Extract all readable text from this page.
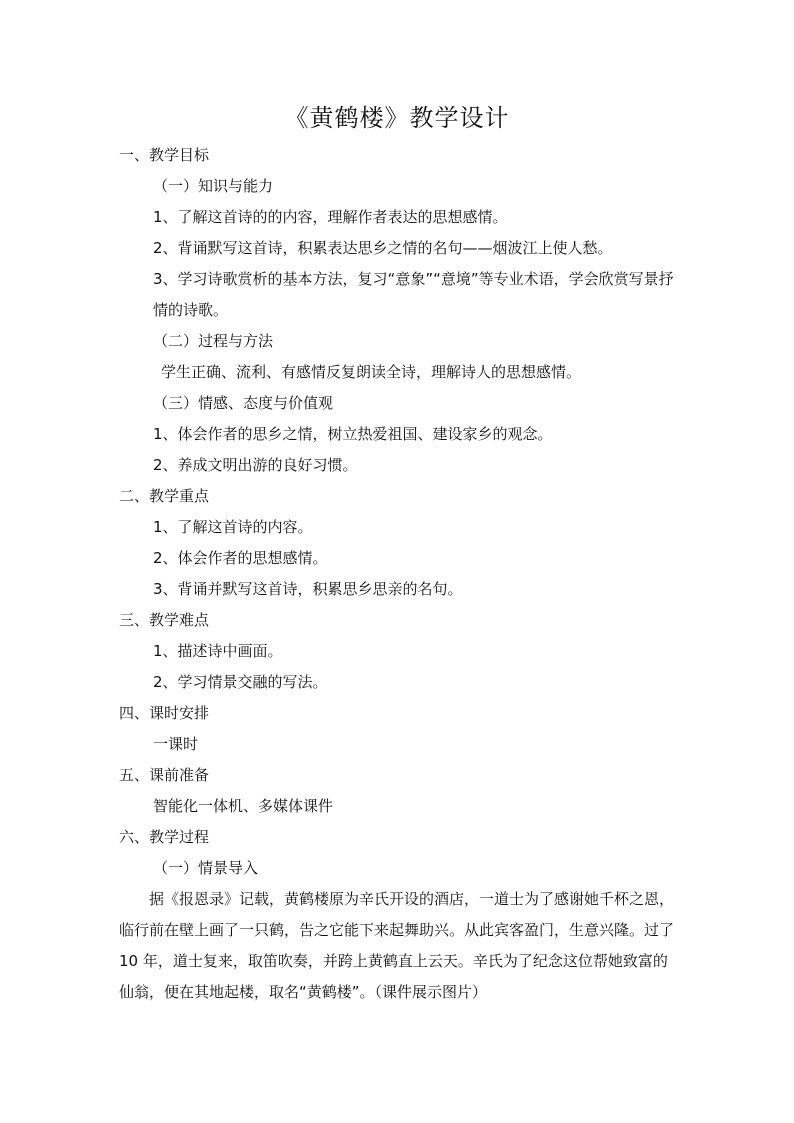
《黄鹤楼》教学设计
一、教学目标
（一）知识与能力
1、了解这首诗的的内容，理解作者表达的思想感情。
2、背诵默写这首诗，积累表达思乡之情的名句——烟波江上使人愁。
3、学习诗歌赏析的基本方法，复习“意象”“意境”等专业术语，学会欣赏写景抒情的诗歌。
（二）过程与方法
学生正确、流利、有感情反复朗读全诗，理解诗人的思想感情。
（三）情感、态度与价值观
1、体会作者的思乡之情，树立热爱祖国、建设家乡的观念。
2、养成文明出游的良好习惯。
二、教学重点
1、了解这首诗的内容。
2、体会作者的思想感情。
3、背诵并默写这首诗，积累思乡思亲的名句。
三、教学难点
1、描述诗中画面。
2、学习情景交融的写法。
四、课时安排
一课时
五、课前准备
智能化一体机、多媒体课件
六、教学过程
（一）情景导入
据《报恩录》记载，黄鹤楼原为辛氏开设的酒店，一道士为了感谢她千杯之恩，临行前在壁上画了一只鹤，告之它能下来起舞助兴。从此宾客盈门，生意兴隆。过了 10 年，道士复来，取笛吹奏，并跨上黄鹤直上云天。辛氏为了纪念这位帮她致富的仙翁，便在其地起楼，取名“黄鹤楼”。（课件展示图片）
